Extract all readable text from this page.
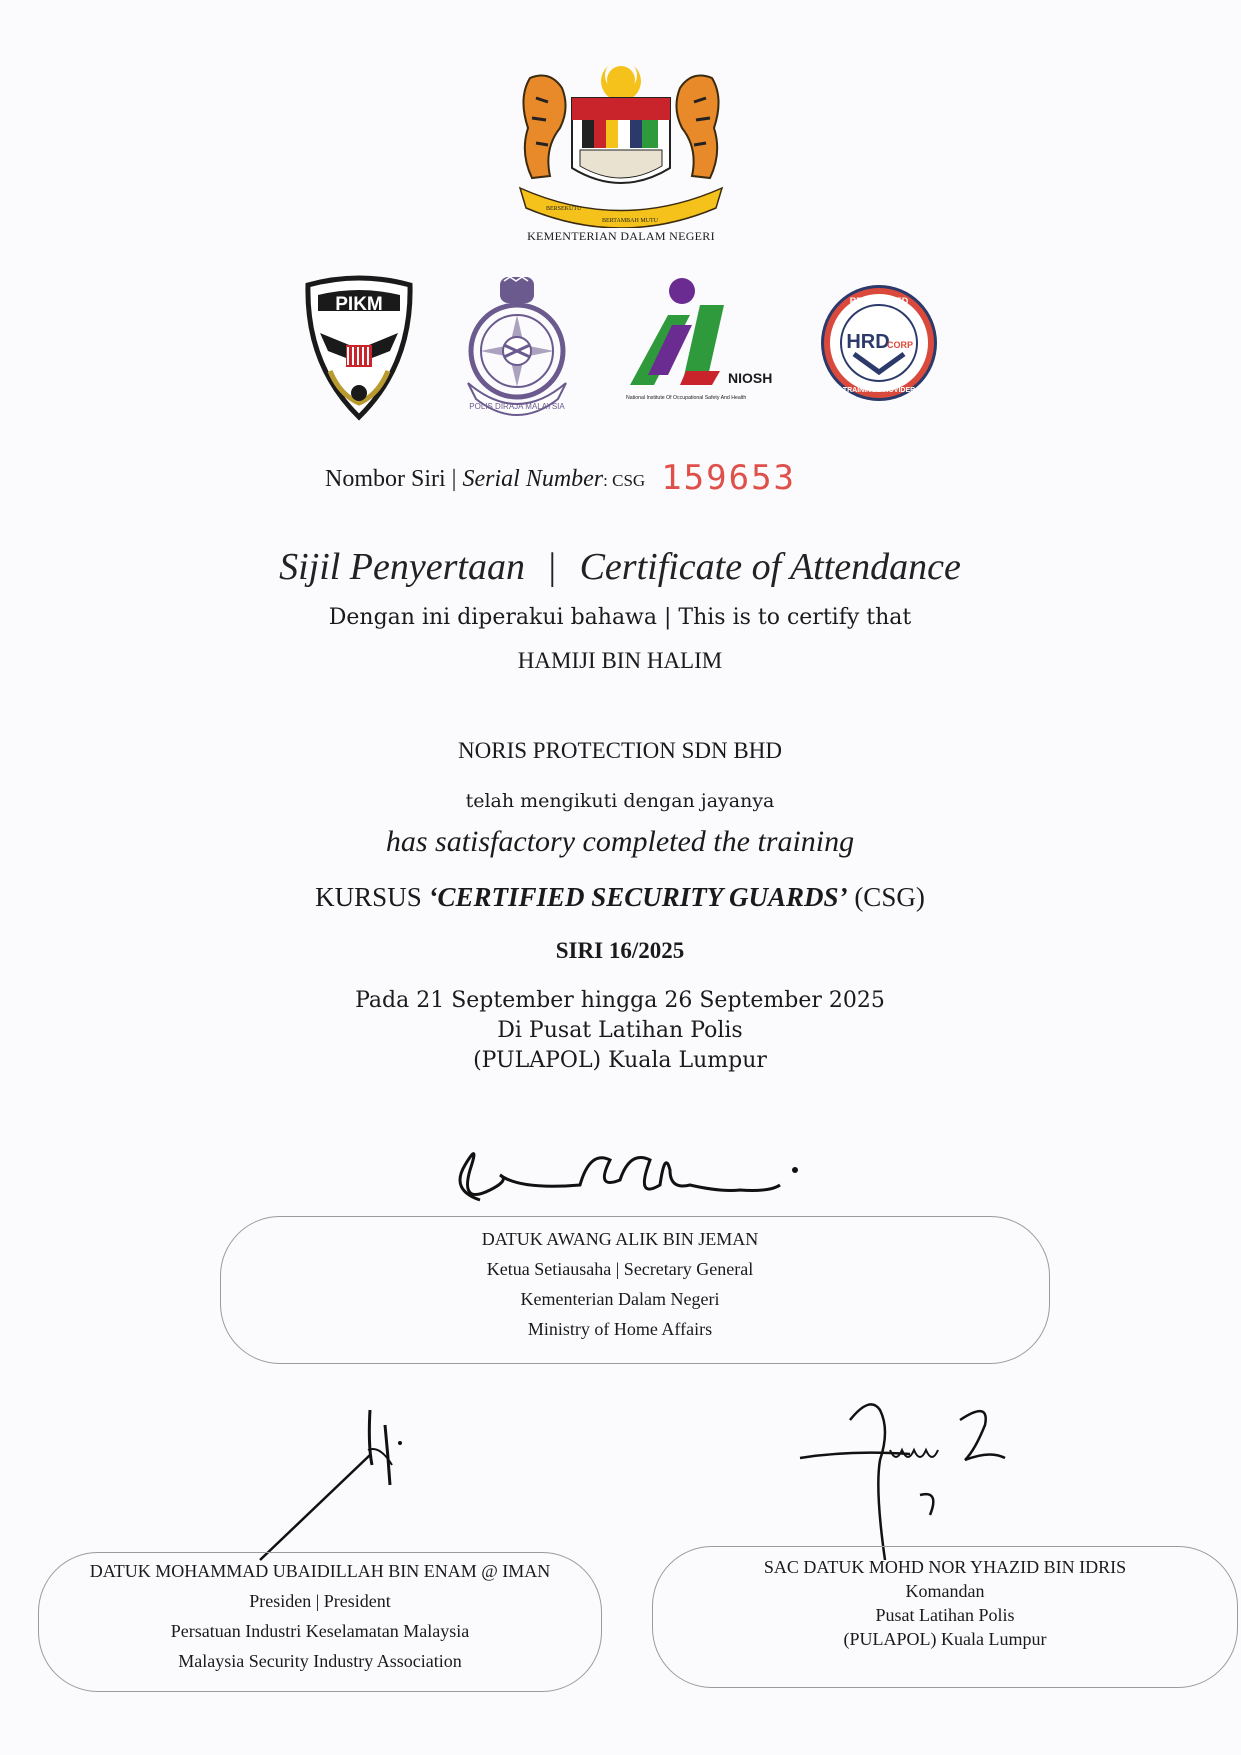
BERSEKUTU
BERTAMBAH MUTU
KEMENTERIAN DALAM NEGERI
PIKM
POLIS DIRAJA MALAYSIA
NIOSH
National Institute Of Occupational Safety And Health
REGISTERED
HRD
CORP
TRAINING PROVIDER
Nombor Siri | Serial Number: CSG 159653
Sijil Penyertaan | Certificate of Attendance
Dengan ini diperakui bahawa | This is to certify that
HAMIJI BIN HALIM
NORIS PROTECTION SDN BHD
telah mengikuti dengan jayanya
has satisfactory completed the training
KURSUS ‘CERTIFIED SECURITY GUARDS’ (CSG)
SIRI 16/2025
Pada 21 September hingga 26 September 2025
Di Pusat Latihan Polis
(PULAPOL) Kuala Lumpur
DATUK AWANG ALIK BIN JEMAN
Ketua Setiausaha | Secretary General
Kementerian Dalam Negeri
Ministry of Home Affairs
DATUK MOHAMMAD UBAIDILLAH BIN ENAM @ IMAN
Presiden | President
Persatuan Industri Keselamatan Malaysia
Malaysia Security Industry Association
SAC DATUK MOHD NOR YHAZID BIN IDRIS
Komandan
Pusat Latihan Polis
(PULAPOL) Kuala Lumpur
